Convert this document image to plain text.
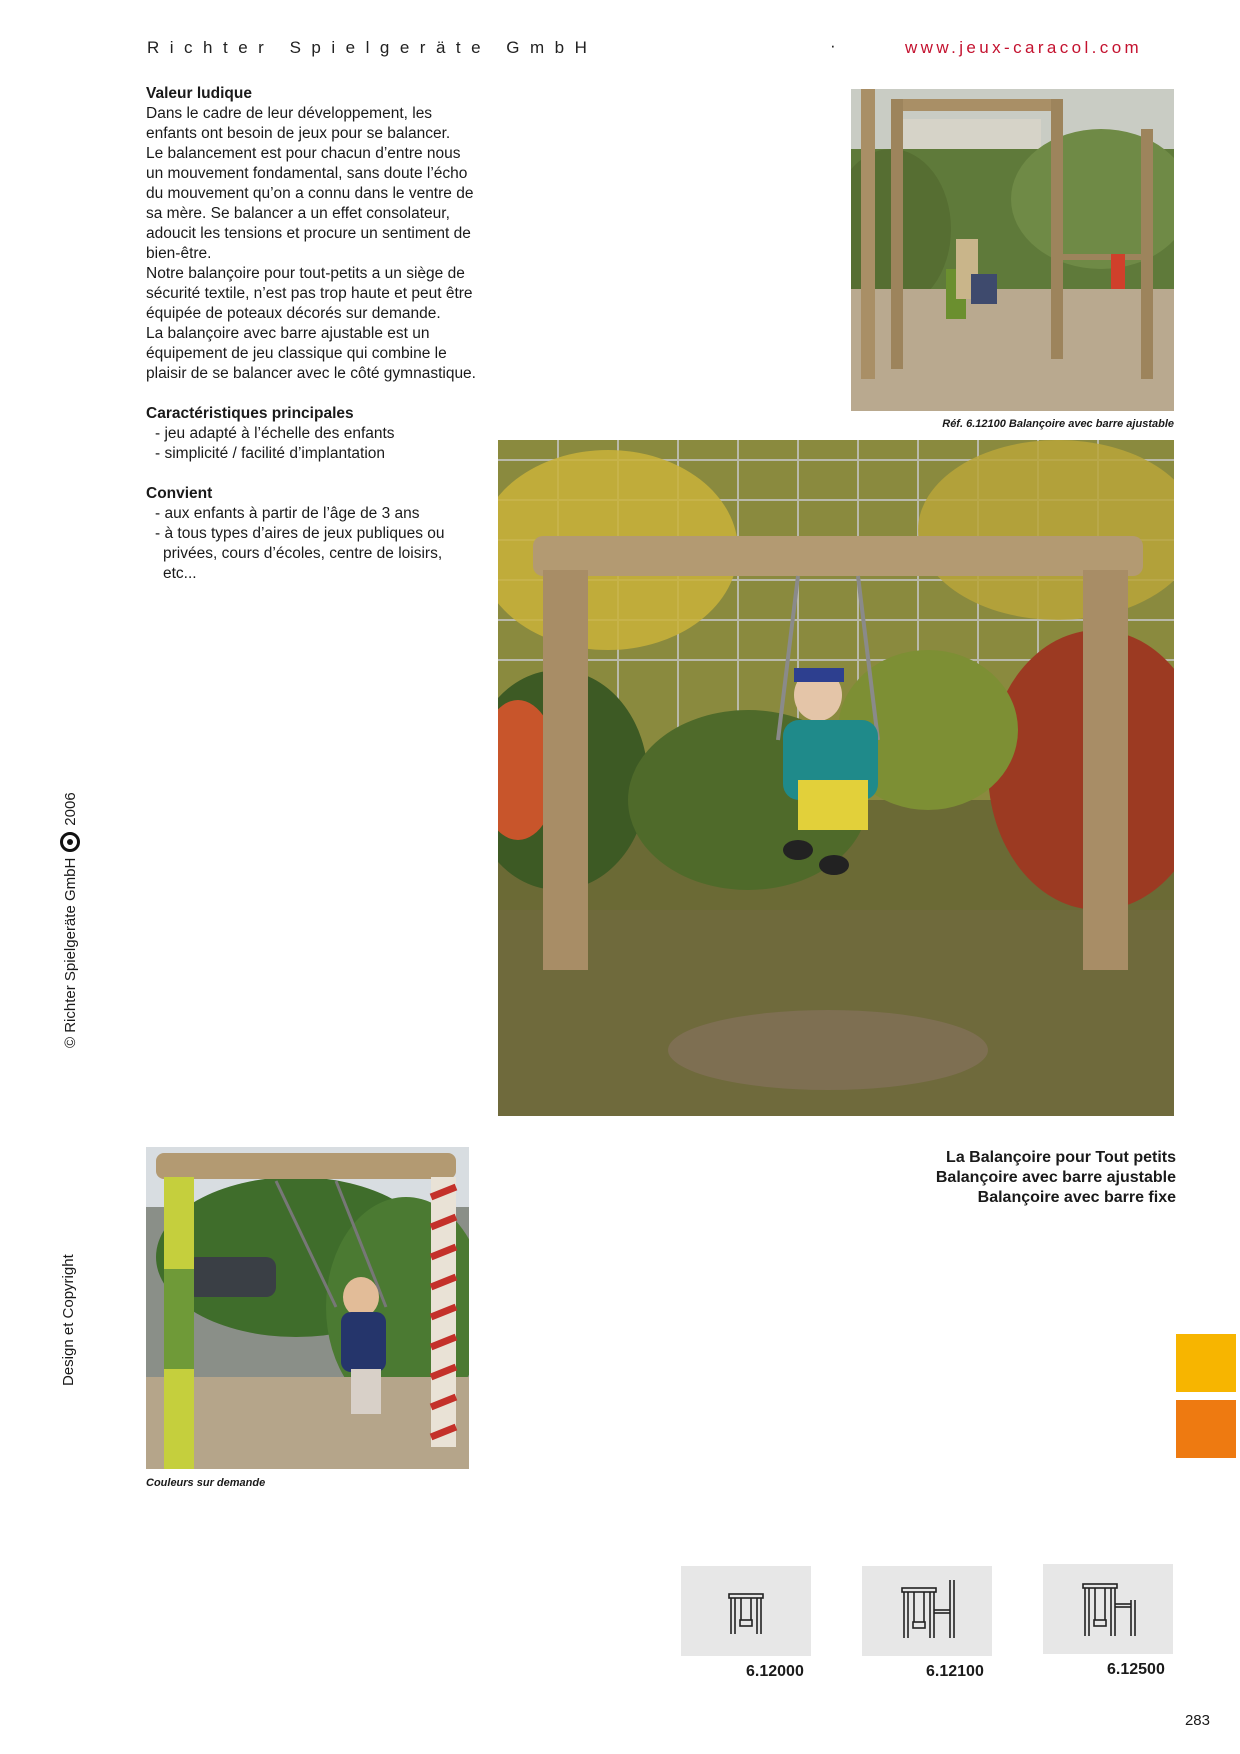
Richter Spielgeräte GmbH	·	www.jeux-caracol.com
Valeur ludique

Dans le cadre de leur développement, les enfants ont besoin de jeux pour se balancer.

Le balancement est pour chacun d’entre nous un mouvement fondamental, sans doute l’écho du mouvement qu’on a connu dans le ventre de sa mère. Se balancer a un effet consolateur, adoucit les tensions et procure un sentiment de bien-être.

Notre balançoire pour tout-petits a un siège de sécurité textile, n’est pas trop haute et peut être équipée de poteaux décorés sur demande.

La balançoire avec barre ajustable est un équipement de jeu classique qui combine le plaisir de se balancer avec le côté gymnastique.

Caractéristiques principales

- jeu adapté à l’échelle des enfants

- simplicité / facilité d’implantation

Convient

- aux enfants à partir de l’âge de 3 ans

- à tous types d’aires de jeux publiques ou privées, cours d’écoles, centre de loisirs, etc...

© Richter Spielgeräte GmbH
2006
Design et Copyright
Réf. 6.12100 Balançoire avec barre ajustable
Couleurs sur demande
La Balançoire pour Tout petits
Balançoire avec barre ajustable
Balançoire avec barre fixe
6.12000	6.12100	6.12500
283
